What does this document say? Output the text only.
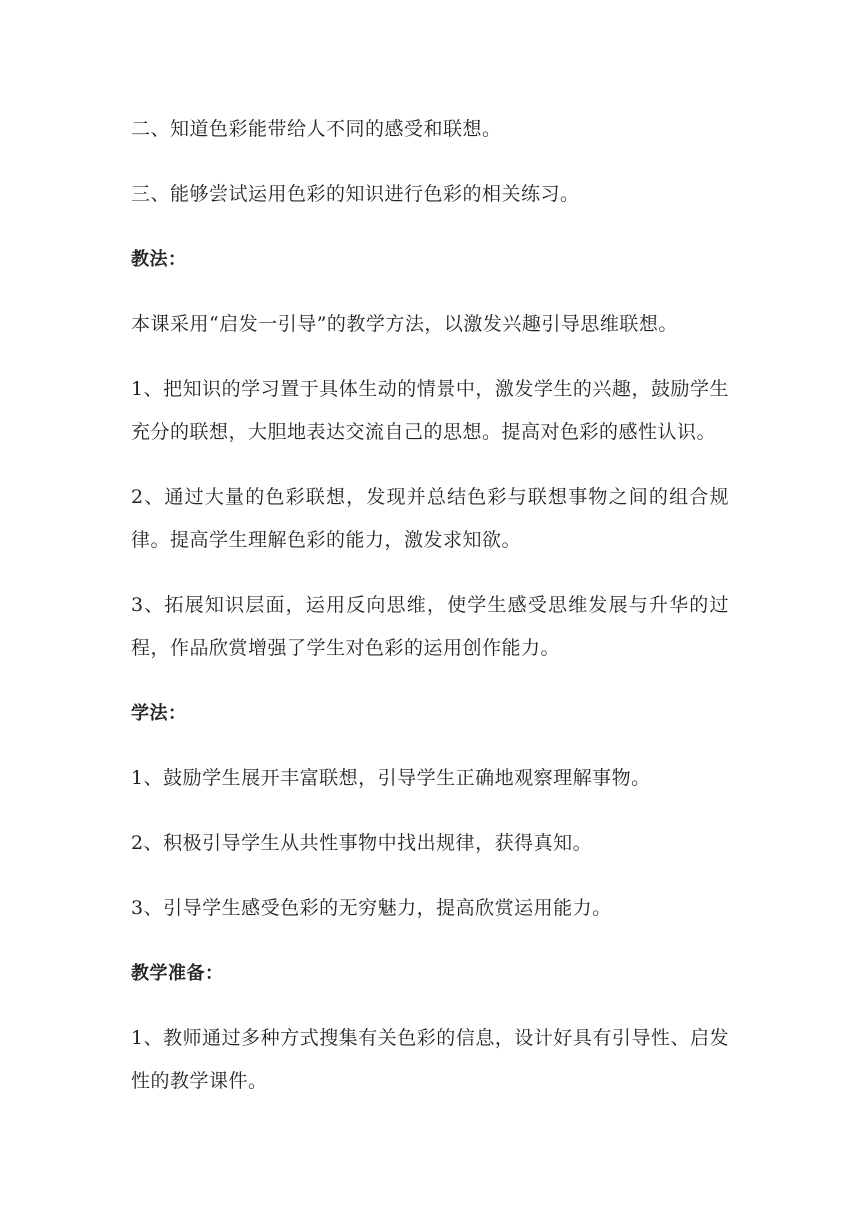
二、知道色彩能带给人不同的感受和联想。

三、能够尝试运用色彩的知识进行色彩的相关练习。

教法：

本课采用“启发一引导”的教学方法，以激发兴趣引导思维联想。

1、把知识的学习置于具体生动的情景中，激发学生的兴趣，鼓励学生充分的联想，大胆地表达交流自己的思想。提高对色彩的感性认识。

2、通过大量的色彩联想，发现并总结色彩与联想事物之间的组合规律。提高学生理解色彩的能力，激发求知欲。

3、拓展知识层面，运用反向思维，使学生感受思维发展与升华的过程，作品欣赏增强了学生对色彩的运用创作能力。

学法：

1、鼓励学生展开丰富联想，引导学生正确地观察理解事物。

2、积极引导学生从共性事物中找出规律，获得真知。

3、引导学生感受色彩的无穷魅力，提高欣赏运用能力。

教学准备：

1、教师通过多种方式搜集有关色彩的信息，设计好具有引导性、启发性的教学课件。
